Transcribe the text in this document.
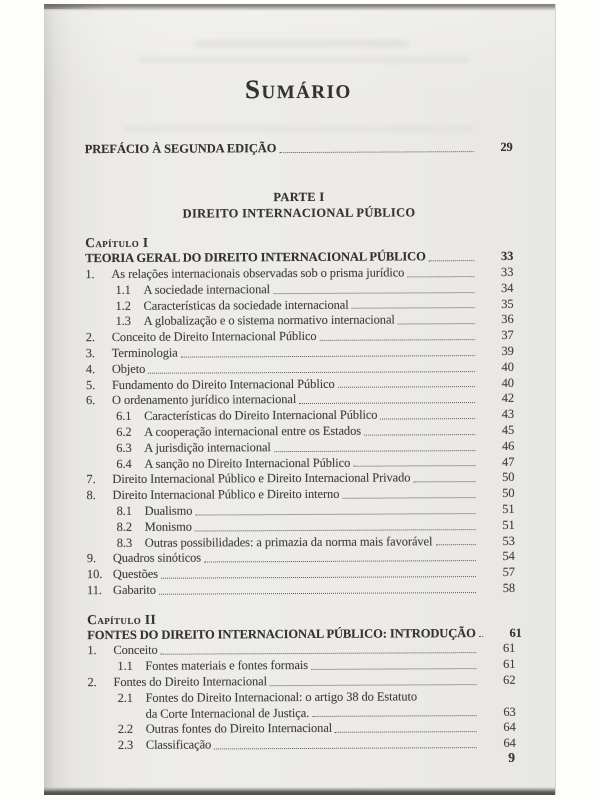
Sumário
PREFÁCIO À SEGUNDA EDIÇÃO	29
PARTE I
DIREITO INTERNACIONAL PÚBLICO
Capítulo I
TEORIA GERAL DO DIREITO INTERNACIONAL PÚBLICO	33
1.	As relações internacionais observadas sob o prisma jurídico	33
1.1	A sociedade internacional	34
1.2	Características da sociedade internacional	35
1.3	A globalização e o sistema normativo internacional	36
2.	Conceito de Direito Internacional Público	37
3.	Terminologia	39
4.	Objeto	40
5.	Fundamento do Direito Internacional Público	40
6.	O ordenamento jurídico internacional	42
6.1	Características do Direito Internacional Público	43
6.2	A cooperação internacional entre os Estados	45
6.3	A jurisdição internacional	46
6.4	A sanção no Direito Internacional Público	47
7.	Direito Internacional Público e Direito Internacional Privado	50
8.	Direito Internacional Público e Direito interno	50
8.1	Dualismo	51
8.2	Monismo	51
8.3	Outras possibilidades: a primazia da norma mais favorável	53
9.	Quadros sinóticos	54
10. Questões	57
11. Gabarito	58
Capítulo II
FONTES DO DIREITO INTERNACIONAL PÚBLICO: INTRODUÇÃO	61
1.	Conceito	61
1.1	Fontes materiais e fontes formais	61
2.	Fontes do Direito Internacional	62
2.1	Fontes do Direito Internacional: o artigo 38 do Estatuto
da Corte Internacional de Justiça.	63
2.2	Outras fontes do Direito Internacional	64
2.3	Classificação	64
9
